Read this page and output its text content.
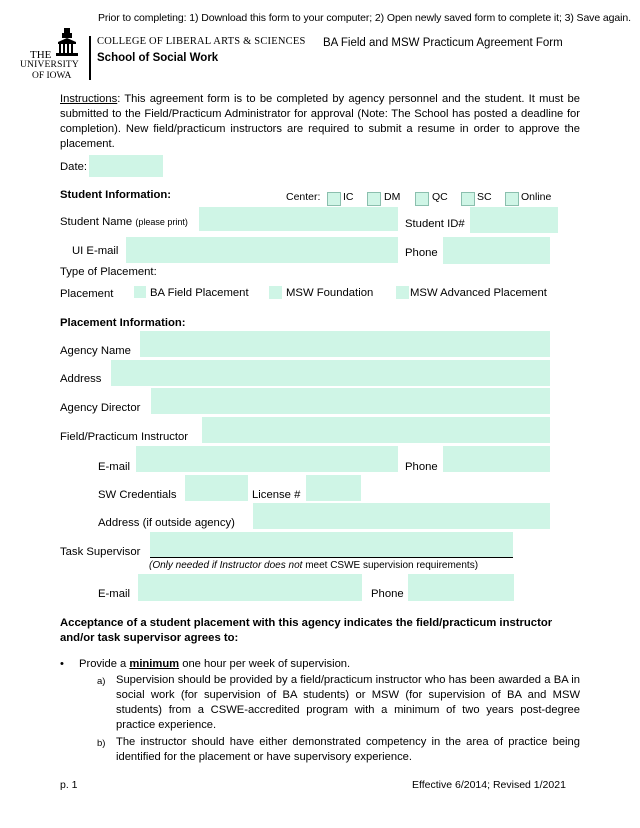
Prior to completing: 1) Download this form to your computer; 2) Open newly saved form to complete it; 3) Save again.
THE
UNIVERSITY
OF IOWA
COLLEGE OF LIBERAL ARTS & SCIENCES
School of Social Work
BA Field and MSW Practicum Agreement Form
Instructions: This agreement form is to be completed by agency personnel and the student. It must be submitted to the Field/Practicum Administrator for approval (Note: The School has posted a deadline for completion). New field/practicum instructors are required to submit a resume in order to approve the placement.
Date:
Student Information:	Center: IC	DM	QC	SC	Online
Student Name (please print)	Student ID#
UI E-mail	Phone
Type of Placement:
Placement	BA Field Placement	MSW Foundation	MSW Advanced Placement
Placement Information:
Agency Name
Address
Agency Director
Field/Practicum Instructor
E-mail	Phone
SW Credentials	License #
Address (if outside agency)
Task Supervisor
(Only needed if Instructor does not meet CSWE supervision requirements)
E-mail	Phone
Acceptance of a student placement with this agency indicates the field/practicum instructor and/or task supervisor agrees to:
• Provide a minimum one hour per week of supervision.
a) Supervision should be provided by a field/practicum instructor who has been awarded a BA in social work (for supervision of BA students) or MSW (for supervision of BA and MSW students) from a CSWE-accredited program with a minimum of two years post-degree practice experience.
b) The instructor should have either demonstrated competency in the area of practice being identified for the placement or have supervisory experience.
p. 1	Effective 6/2014; Revised 1/2021
